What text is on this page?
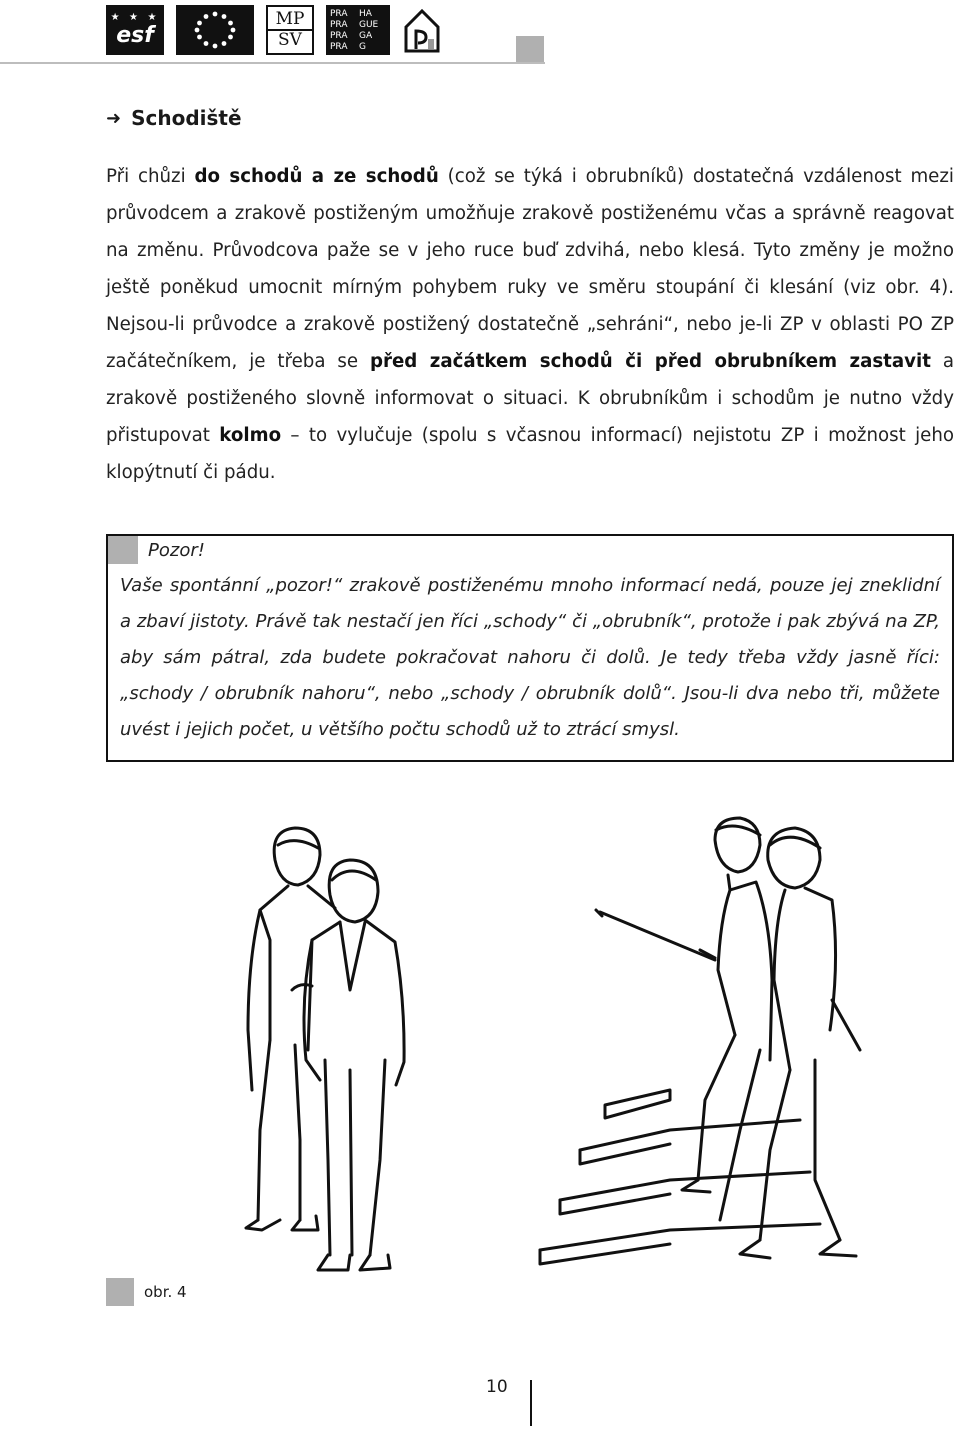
★ ★ ★
esf
MP
SV
PRA	HA
PRA	GUE
PRA	GA
PRA	G
➜ Schodiště

Při chůzi do schodů a ze schodů (což se týká i obrubníků) dostatečná vzdálenost mezi průvodcem a zrakově postiženým umožňuje zrakově postiženému včas a správně reagovat na změnu. Průvodcova paže se v jeho ruce buď zdvihá, nebo klesá. Tyto změny je možno ještě poněkud umocnit mírným pohybem ruky ve směru stoupání či klesání (viz obr. 4). Nejsou-li průvodce a zrakově postižený dostatečně „sehráni“, nebo je-li ZP v oblasti PO ZP začátečníkem, je třeba se před začátkem schodů či před obrubníkem zastavit a zrakově postiženého slovně informovat o situaci. K obrubníkům i schodům je nutno vždy přistupovat kolmo – to vylučuje (spolu s včasnou informací) nejistotu ZP i možnost jeho klopýtnutí či pádu.

Pozor!
Vaše spontánní „pozor!“ zrakově postiženému mnoho informací nedá, pouze jej zneklidní a zbaví jistoty. Právě tak nestačí jen říci „schody“ či „obrubník“, protože i pak zbývá na ZP, aby sám pátral, zda budete pokračovat nahoru či dolů. Je tedy třeba vždy jasně říci: „schody / obrubník nahoru“, nebo „schody / obrubník dolů“. Jsou-li dva nebo tři, můžete uvést i jejich počet, u většího počtu schodů už to ztrácí smysl.
obr. 4
10
